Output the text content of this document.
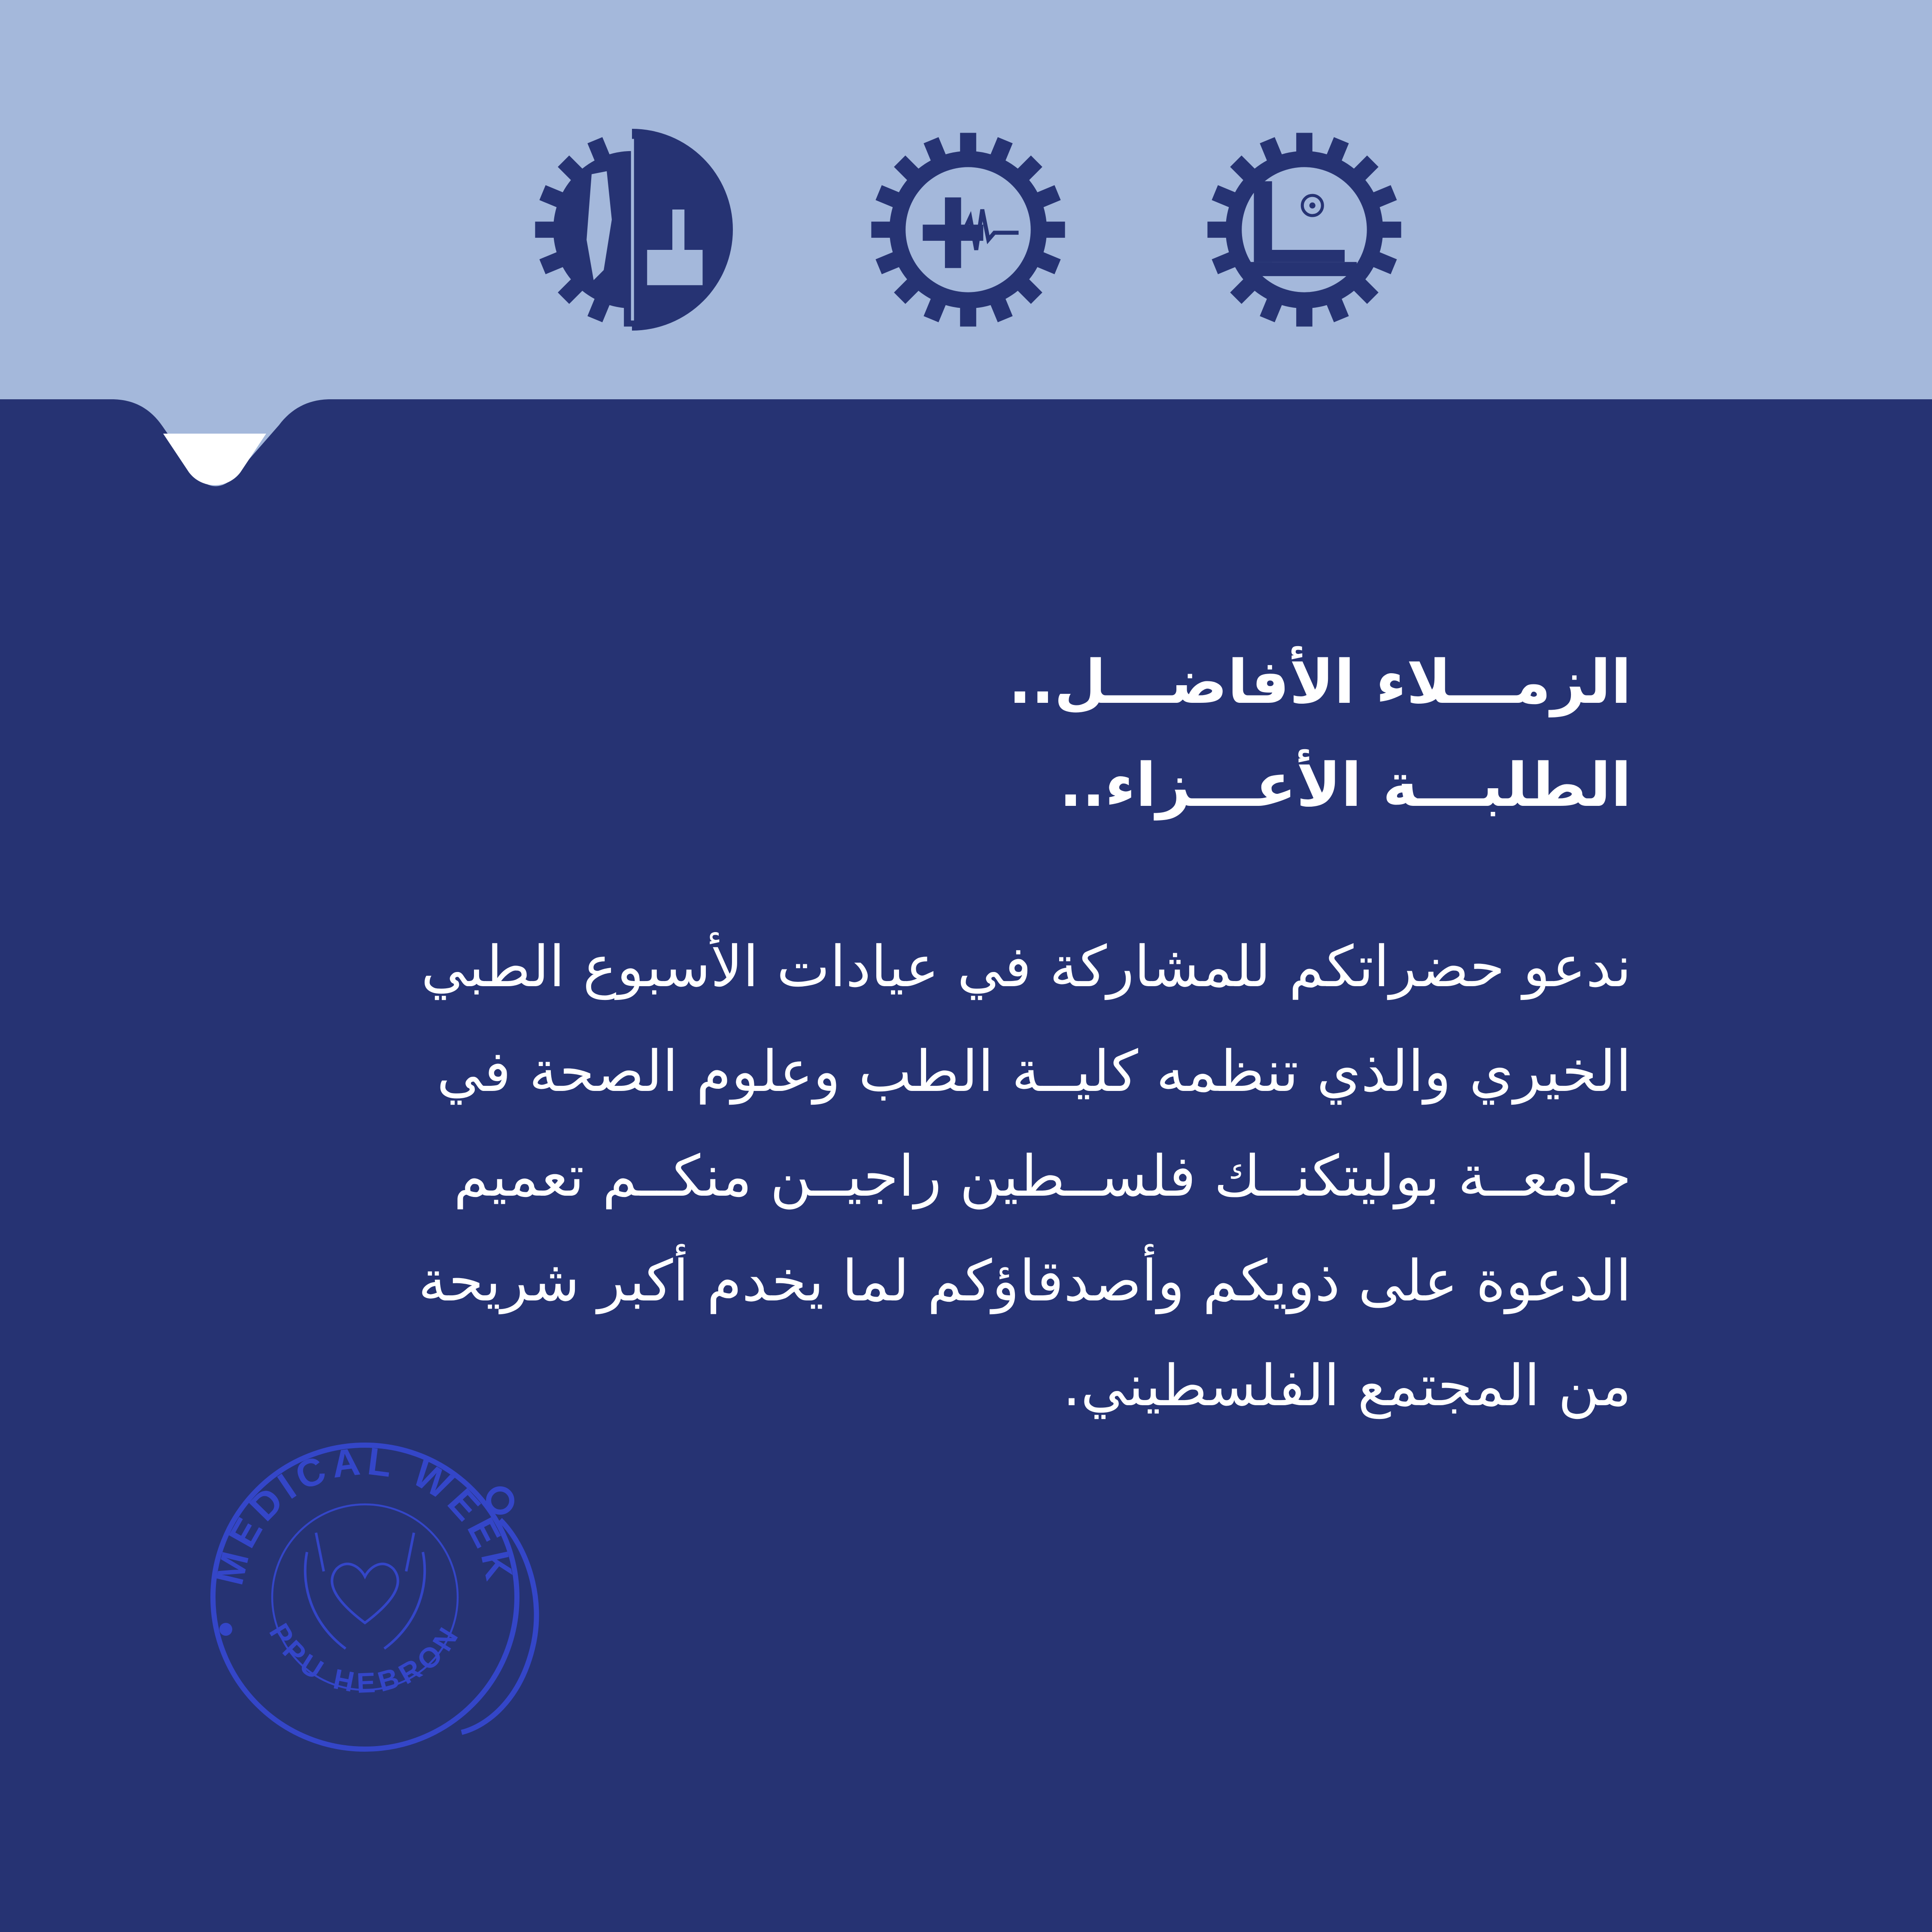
الزمـــلاء الأفاضـــل..
الطلبـــة الأعـــزاء..
ندعو حضراتكم للمشاركة في عيادات الأسبوع الطبي
الخيري والذي تنظمه كليــة الطب وعلوم الصحة في
جامعــة بوليتكنــك فلســطين راجيــن منكــم تعميم
الدعوة على ذويكم وأصدقاؤكم لما يخدم أكبر شريحة
من المجتمع الفلسطيني.
MEDICAL WEEK
PPU HEBRON
